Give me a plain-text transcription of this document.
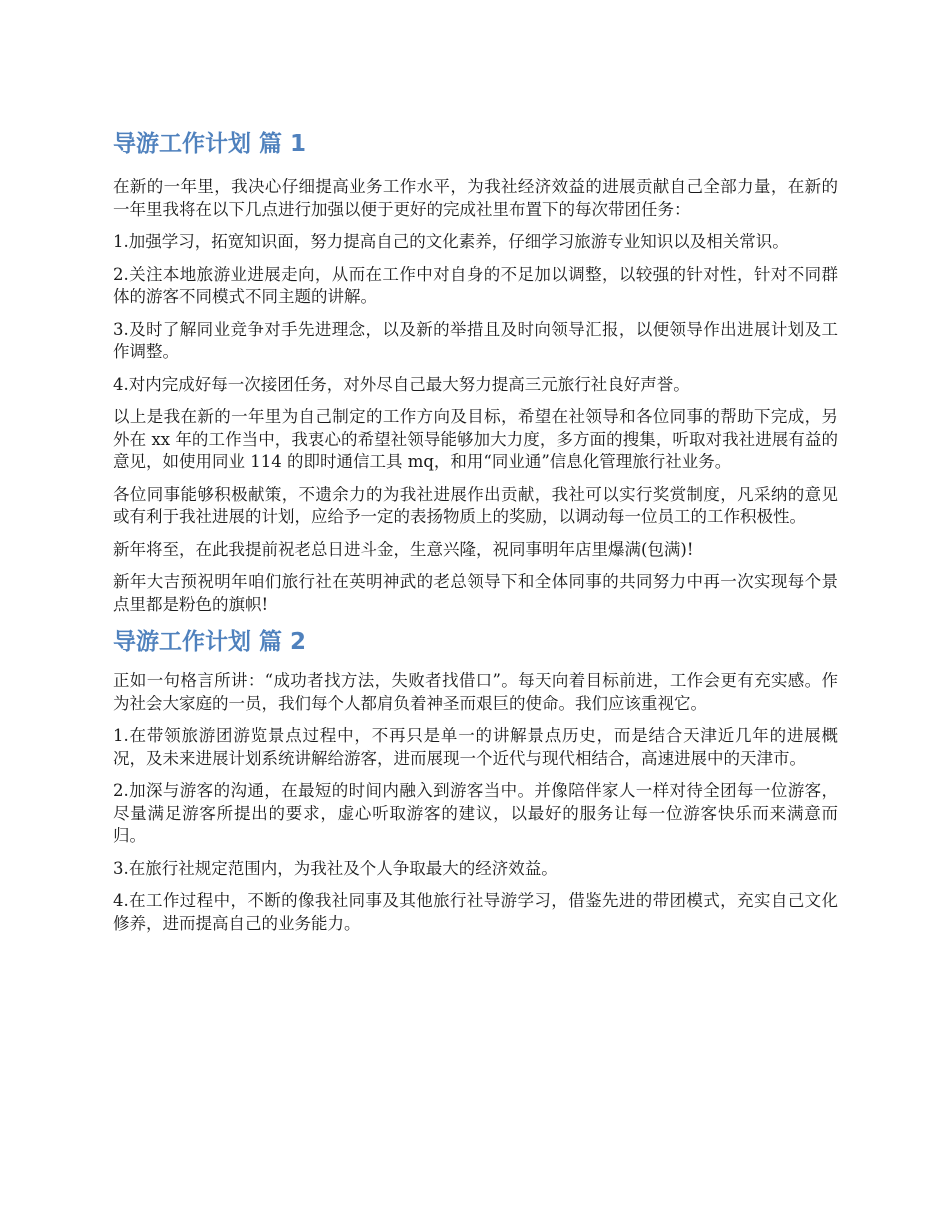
导游工作计划 篇 1

在新的一年里，我决心仔细提高业务工作水平，为我社经济效益的进展贡献自己全部力量，在新的一年里我将在以下几点进行加强以便于更好的完成社里布置下的每次带团任务：

1.加强学习，拓宽知识面，努力提高自己的文化素养，仔细学习旅游专业知识以及相关常识。

2.关注本地旅游业进展走向，从而在工作中对自身的不足加以调整，以较强的针对性，针对不同群体的游客不同模式不同主题的讲解。

3.及时了解同业竞争对手先进理念，以及新的举措且及时向领导汇报，以便领导作出进展计划及工作调整。

4.对内完成好每一次接团任务，对外尽自己最大努力提高三元旅行社良好声誉。

以上是我在新的一年里为自己制定的工作方向及目标，希望在社领导和各位同事的帮助下完成，另外在 xx 年的工作当中，我衷心的希望社领导能够加大力度，多方面的搜集，听取对我社进展有益的意见，如使用同业 114 的即时通信工具 mq，和用“同业通”信息化管理旅行社业务。

各位同事能够积极献策，不遗余力的为我社进展作出贡献，我社可以实行奖赏制度，凡采纳的意见或有利于我社进展的计划，应给予一定的表扬物质上的奖励，以调动每一位员工的工作积极性。

新年将至，在此我提前祝老总日进斗金，生意兴隆，祝同事明年店里爆满(包满)!

新年大吉预祝明年咱们旅行社在英明神武的老总领导下和全体同事的共同努力中再一次实现每个景点里都是粉色的旗帜!

导游工作计划 篇 2

正如一句格言所讲：“成功者找方法，失败者找借口”。每天向着目标前进，工作会更有充实感。作为社会大家庭的一员，我们每个人都肩负着神圣而艰巨的使命。我们应该重视它。

1.在带领旅游团游览景点过程中，不再只是单一的讲解景点历史，而是结合天津近几年的进展概况，及未来进展计划系统讲解给游客，进而展现一个近代与现代相结合，高速进展中的天津市。

2.加深与游客的沟通，在最短的时间内融入到游客当中。并像陪伴家人一样对待全团每一位游客，尽量满足游客所提出的要求，虚心听取游客的建议，以最好的服务让每一位游客快乐而来满意而归。

3.在旅行社规定范围内，为我社及个人争取最大的经济效益。

4.在工作过程中，不断的像我社同事及其他旅行社导游学习，借鉴先进的带团模式，充实自己文化修养，进而提高自己的业务能力。
